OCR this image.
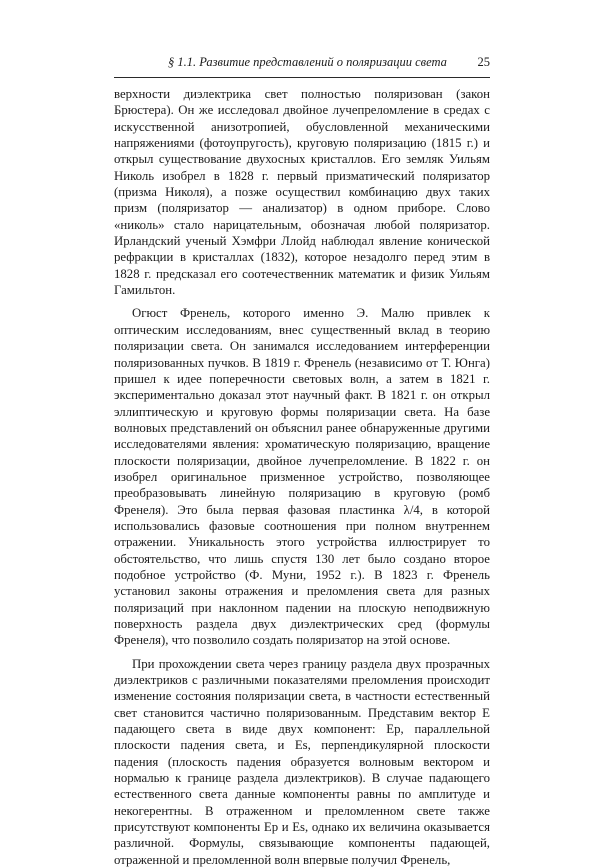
§ 1.1. Развитие представлений о поляризации света 25

верхности диэлектрика свет полностью поляризован (закон Брюстера). Он же исследовал двойное лучепреломление в средах с искусственной анизотропией, обусловленной механическими напряжениями (фотоупругость), круговую поляризацию (1815 г.) и открыл существование двухосных кристаллов. Его земляк Уильям Николь изобрел в 1828 г. первый призматический поляризатор (призма Николя), а позже осуществил комбинацию двух таких призм (поляризатор — анализатор) в одном приборе. Слово «николь» стало нарицательным, обозначая любой поляризатор. Ирландский ученый Хэмфри Ллойд наблюдал явление конической рефракции в кристаллах (1832), которое незадолго перед этим в 1828 г. предсказал его соотечественник математик и физик Уильям Гамильтон.

Огюст Френель, которого именно Э. Малю привлек к оптическим исследованиям, внес существенный вклад в теорию поляризации света. Он занимался исследованием интерференции поляризованных пучков. В 1819 г. Френель (независимо от Т. Юнга) пришел к идее поперечности световых волн, а затем в 1821 г. экспериментально доказал этот научный факт. В 1821 г. он открыл эллиптическую и круговую формы поляризации света. На базе волновых представлений он объяснил ранее обнаруженные другими исследователями явления: хроматическую поляризацию, вращение плоскости поляризации, двойное лучепреломление. В 1822 г. он изобрел оригинальное призменное устройство, позволяющее преобразовывать линейную поляризацию в круговую (ромб Френеля). Это была первая фазовая пластинка λ/4, в которой использовались фазовые соотношения при полном внутреннем отражении. Уникальность этого устройства иллюстрирует то обстоятельство, что лишь спустя 130 лет было создано второе подобное устройство (Ф. Муни, 1952 г.). В 1823 г. Френель установил законы отражения и преломления света для разных поляризаций при наклонном падении на плоскую неподвижную поверхность раздела двух диэлектрических сред (формулы Френеля), что позволило создать поляризатор на этой основе.

При прохождении света через границу раздела двух прозрачных диэлектриков с различными показателями преломления происходит изменение состояния поляризации света, в частности естественный свет становится частично поляризованным. Представим вектор E падающего света в виде двух компонент: Ep, параллельной плоскости падения света, и Es, перпендикулярной плоскости падения (плоскость падения образуется волновым вектором и нормалью к границе раздела диэлектриков). В случае падающего естественного света данные компоненты равны по амплитуде и некогерентны. В отраженном и преломленном свете также присутствуют компоненты Ep и Es, однако их величина оказывается различной. Формулы, связывающие компоненты падающей, отраженной и преломленной волн впервые получил Френель,
